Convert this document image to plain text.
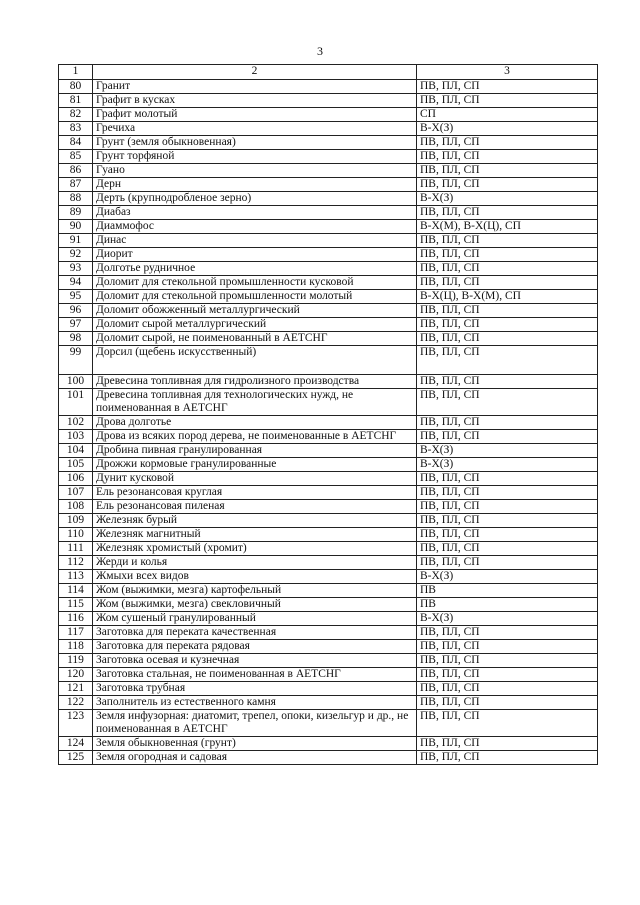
3
1	2	3
80	Гранит	ПВ, ПЛ, СП
81	Графит в кусках	ПВ, ПЛ, СП
82	Графит молотый	СП
83	Гречиха	В-Х(З)
84	Грунт (земля обыкновенная)	ПВ, ПЛ, СП
85	Грунт торфяной	ПВ, ПЛ, СП
86	Гуано	ПВ, ПЛ, СП
87	Дерн	ПВ, ПЛ, СП
88	Дерть (крупнодробленое зерно)	В-Х(З)
89	Диабаз	ПВ, ПЛ, СП
90	Диаммофос	В-Х(М), В-Х(Ц), СП
91	Динас	ПВ, ПЛ, СП
92	Диорит	ПВ, ПЛ, СП
93	Долготье рудничное	ПВ, ПЛ, СП
94	Доломит для стекольной промышленности кусковой	ПВ, ПЛ, СП
95	Доломит для стекольной промышленности молотый	В-Х(Ц), В-Х(М), СП
96	Доломит обожженный металлургический	ПВ, ПЛ, СП
97	Доломит сырой металлургический	ПВ, ПЛ, СП
98	Доломит сырой, не поименованный в АЕТСНГ	ПВ, ПЛ, СП
99	Дорсил (щебень искусственный)	ПВ, ПЛ, СП
100	Древесина топливная для гидролизного производства	ПВ, ПЛ, СП
101	Древесина топливная для технологических нужд, не поименованная в АЕТСНГ	ПВ, ПЛ, СП
102	Дрова долготье	ПВ, ПЛ, СП
103	Дрова из всяких пород дерева, не поименованные в АЕТСНГ	ПВ, ПЛ, СП
104	Дробина пивная гранулированная	В-Х(З)
105	Дрожжи кормовые гранулированные	В-Х(З)
106	Дунит кусковой	ПВ, ПЛ, СП
107	Ель резонансовая круглая	ПВ, ПЛ, СП
108	Ель резонансовая пиленая	ПВ, ПЛ, СП
109	Железняк бурый	ПВ, ПЛ, СП
110	Железняк магнитный	ПВ, ПЛ, СП
111	Железняк хромистый (хромит)	ПВ, ПЛ, СП
112	Жерди и колья	ПВ, ПЛ, СП
113	Жмыхи всех видов	В-Х(З)
114	Жом (выжимки, мезга) картофельный	ПВ
115	Жом (выжимки, мезга) свекловичный	ПВ
116	Жом сушеный гранулированный	В-Х(З)
117	Заготовка для переката качественная	ПВ, ПЛ, СП
118	Заготовка для переката рядовая	ПВ, ПЛ, СП
119	Заготовка осевая и кузнечная	ПВ, ПЛ, СП
120	Заготовка стальная, не поименованная в АЕТСНГ	ПВ, ПЛ, СП
121	Заготовка трубная	ПВ, ПЛ, СП
122	Заполнитель из естественного камня	ПВ, ПЛ, СП
123	Земля инфузорная: диатомит, трепел, опоки, кизельгур и др., не поименованная в АЕТСНГ	ПВ, ПЛ, СП
124	Земля обыкновенная (грунт)	ПВ, ПЛ, СП
125	Земля огородная и садовая	ПВ, ПЛ, СП
